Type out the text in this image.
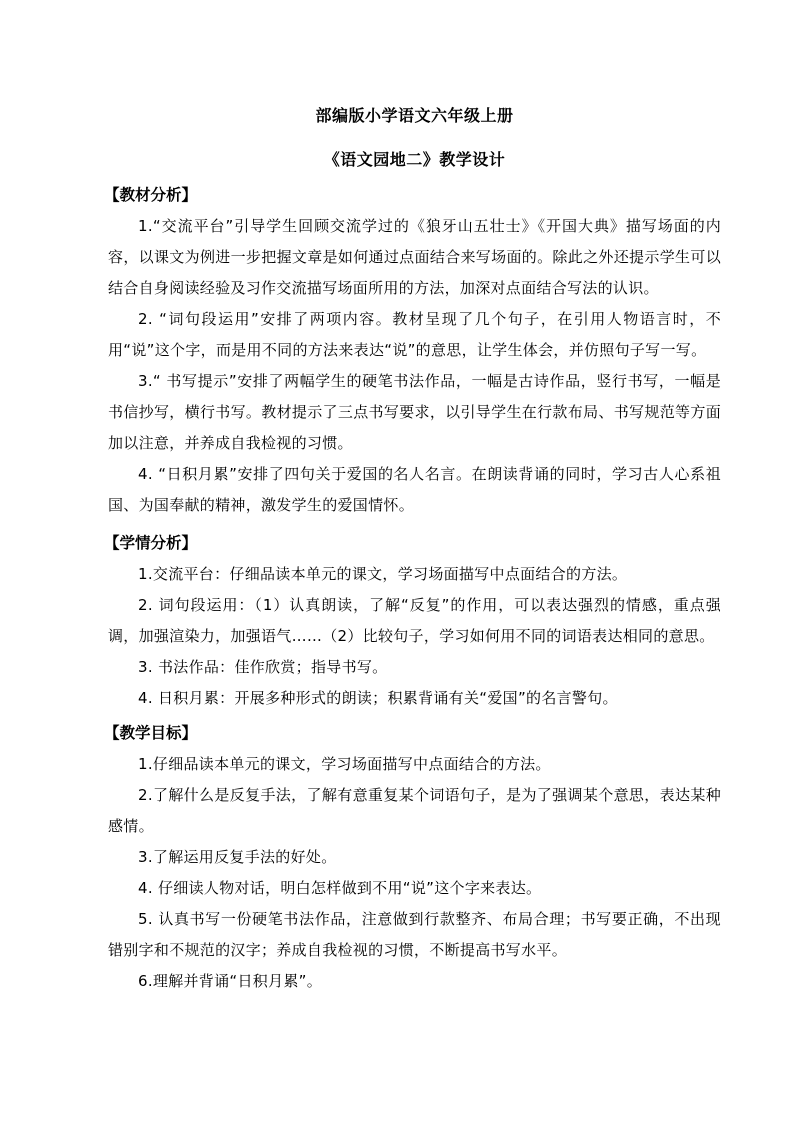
部编版小学语文六年级上册
《语文园地二》教学设计

【教材分析】

1.“交流平台”引导学生回顾交流学过的《狼牙山五壮士》《开国大典》描写场面的内容，以课文为例进一步把握文章是如何通过点面结合来写场面的。除此之外还提示学生可以结合自身阅读经验及习作交流描写场面所用的方法，加深对点面结合写法的认识。

2. “词句段运用”安排了两项内容。教材呈现了几个句子，在引用人物语言时，不用“说”这个字，而是用不同的方法来表达“说”的意思，让学生体会，并仿照句子写一写。

3.“ 书写提示”安排了两幅学生的硬笔书法作品，一幅是古诗作品，竖行书写，一幅是书信抄写，横行书写。教材提示了三点书写要求，以引导学生在行款布局、书写规范等方面加以注意，并养成自我检视的习惯。

4. “日积月累”安排了四句关于爱国的名人名言。在朗读背诵的同时，学习古人心系祖国、为国奉献的精神，激发学生的爱国情怀。

【学情分析】

1.交流平台：仔细品读本单元的课文，学习场面描写中点面结合的方法。

2. 词句段运用：（1）认真朗读，了解“反复”的作用，可以表达强烈的情感，重点强调，加强渲染力，加强语气……（2）比较句子，学习如何用不同的词语表达相同的意思。

3. 书法作品：佳作欣赏；指导书写。

4. 日积月累：开展多种形式的朗读；积累背诵有关“爱国”的名言警句。

【教学目标】

1.仔细品读本单元的课文，学习场面描写中点面结合的方法。

2.了解什么是反复手法，了解有意重复某个词语句子，是为了强调某个意思，表达某种感情。

3.了解运用反复手法的好处。

4. 仔细读人物对话，明白怎样做到不用“说”这个字来表达。

5. 认真书写一份硬笔书法作品，注意做到行款整齐、布局合理；书写要正确，不出现错别字和不规范的汉字；养成自我检视的习惯，不断提高书写水平。

6.理解并背诵“日积月累”。
